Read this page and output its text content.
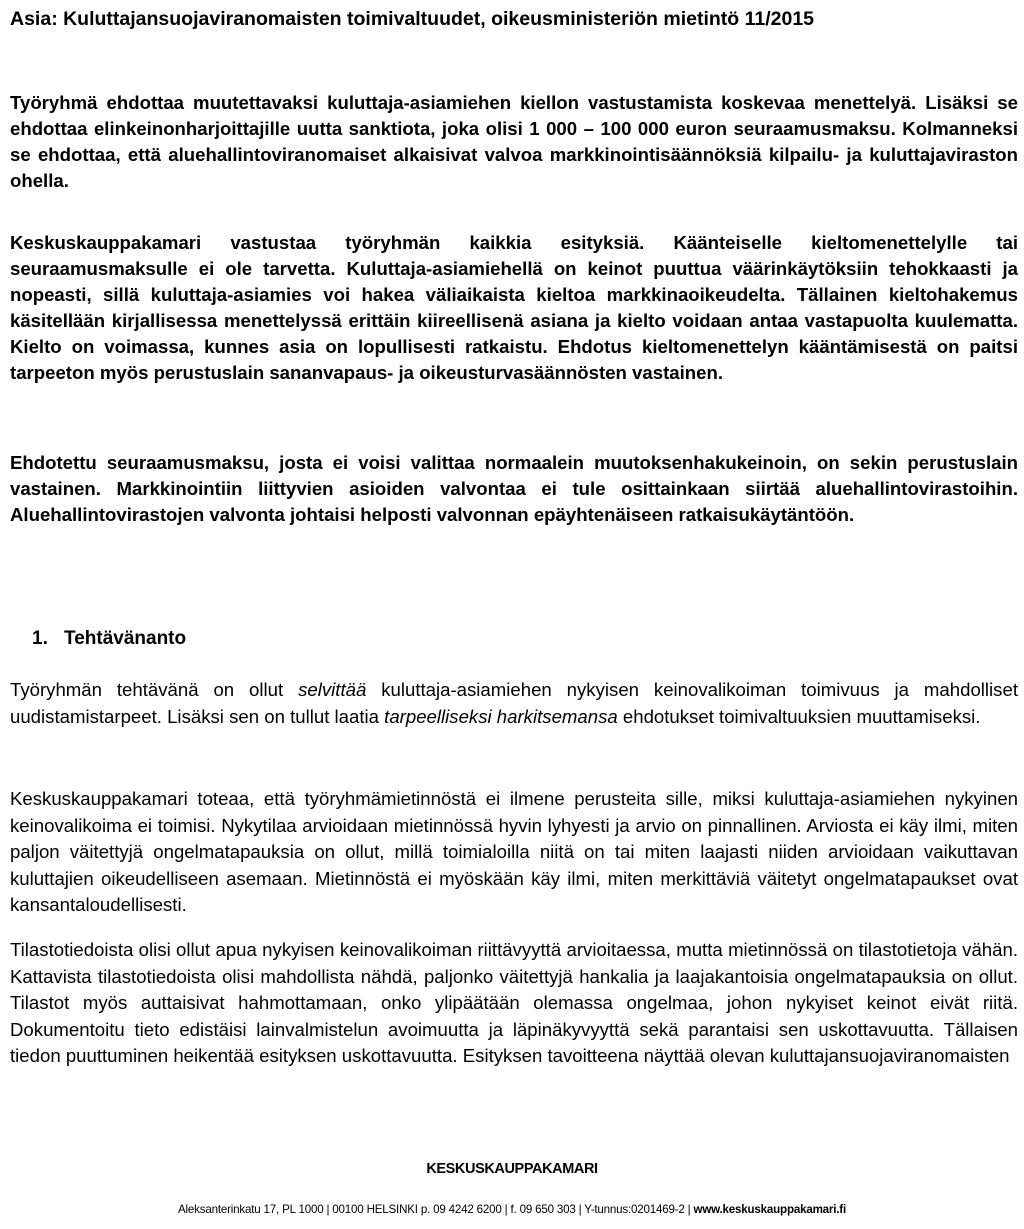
Asia: Kuluttajansuojaviranomaisten toimivaltuudet, oikeusministeriön mietintö 11/2015

Työryhmä ehdottaa muutettavaksi kuluttaja-asiamiehen kiellon vastustamista koskevaa menettelyä. Lisäksi se ehdottaa elinkeinonharjoittajille uutta sanktiota, joka olisi 1 000 – 100 000 euron seuraamusmaksu. Kolmanneksi se ehdottaa, että aluehallintoviranomaiset alkaisivat valvoa markkinointisäännöksiä kilpailu- ja kuluttajaviraston ohella.

Keskuskauppakamari vastustaa työryhmän kaikkia esityksiä. Käänteiselle kieltomenettelylle tai seuraamusmaksulle ei ole tarvetta. Kuluttaja-asiamiehellä on keinot puuttua väärinkäytöksiin tehokkaasti ja nopeasti, sillä kuluttaja-asiamies voi hakea väliaikaista kieltoa markkinaoikeudelta. Tällainen kieltohakemus käsitellään kirjallisessa menettelyssä erittäin kiireellisenä asiana ja kielto voidaan antaa vastapuolta kuulematta. Kielto on voimassa, kunnes asia on lopullisesti ratkaistu. Ehdotus kieltomenettelyn kääntämisestä on paitsi tarpeeton myös perustuslain sananvapaus- ja oikeusturvasäännösten vastainen.

Ehdotettu seuraamusmaksu, josta ei voisi valittaa normaalein muutoksenhakukeinoin, on sekin perustuslain vastainen. Markkinointiin liittyvien asioiden valvontaa ei tule osittainkaan siirtää aluehallintovirastoihin. Aluehallintovirastojen valvonta johtaisi helposti valvonnan epäyhtenäiseen ratkaisukäytäntöön.

1. Tehtävänanto

Työryhmän tehtävänä on ollut selvittää kuluttaja-asiamiehen nykyisen keinovalikoiman toimivuus ja mahdolliset uudistamistarpeet. Lisäksi sen on tullut laatia tarpeelliseksi harkitsemansa ehdotukset toimivaltuuksien muuttamiseksi.

Keskuskauppakamari toteaa, että työryhmämietinnöstä ei ilmene perusteita sille, miksi kuluttaja-asiamiehen nykyinen keinovalikoima ei toimisi. Nykytilaa arvioidaan mietinnössä hyvin lyhyesti ja arvio on pinnallinen. Arviosta ei käy ilmi, miten paljon väitettyjä ongelmatapauksia on ollut, millä toimialoilla niitä on tai miten laajasti niiden arvioidaan vaikuttavan kuluttajien oikeudelliseen asemaan. Mietinnöstä ei myöskään käy ilmi, miten merkittäviä väitetyt ongelmatapaukset ovat kansantaloudellisesti.

Tilastotiedoista olisi ollut apua nykyisen keinovalikoiman riittävyyttä arvioitaessa, mutta mietinnössä on tilastotietoja vähän. Kattavista tilastotiedoista olisi mahdollista nähdä, paljonko väitettyjä hankalia ja laajakantoisia ongelmatapauksia on ollut. Tilastot myös auttaisivat hahmottamaan, onko ylipäätään olemassa ongelmaa, johon nykyiset keinot eivät riitä. Dokumentoitu tieto edistäisi lainvalmistelun avoimuutta ja läpinäkyvyyttä sekä parantaisi sen uskottavuutta. Tällaisen tiedon puuttuminen heikentää esityksen uskottavuutta. Esityksen tavoitteena näyttää olevan kuluttajansuojaviranomaisten

KESKUSKAUPPAKAMARI
Aleksanterinkatu 17, PL 1000 | 00100 HELSINKI p. 09 4242 6200 | f. 09 650 303 | Y-tunnus:0201469-2 | www.keskuskauppakamari.fi
